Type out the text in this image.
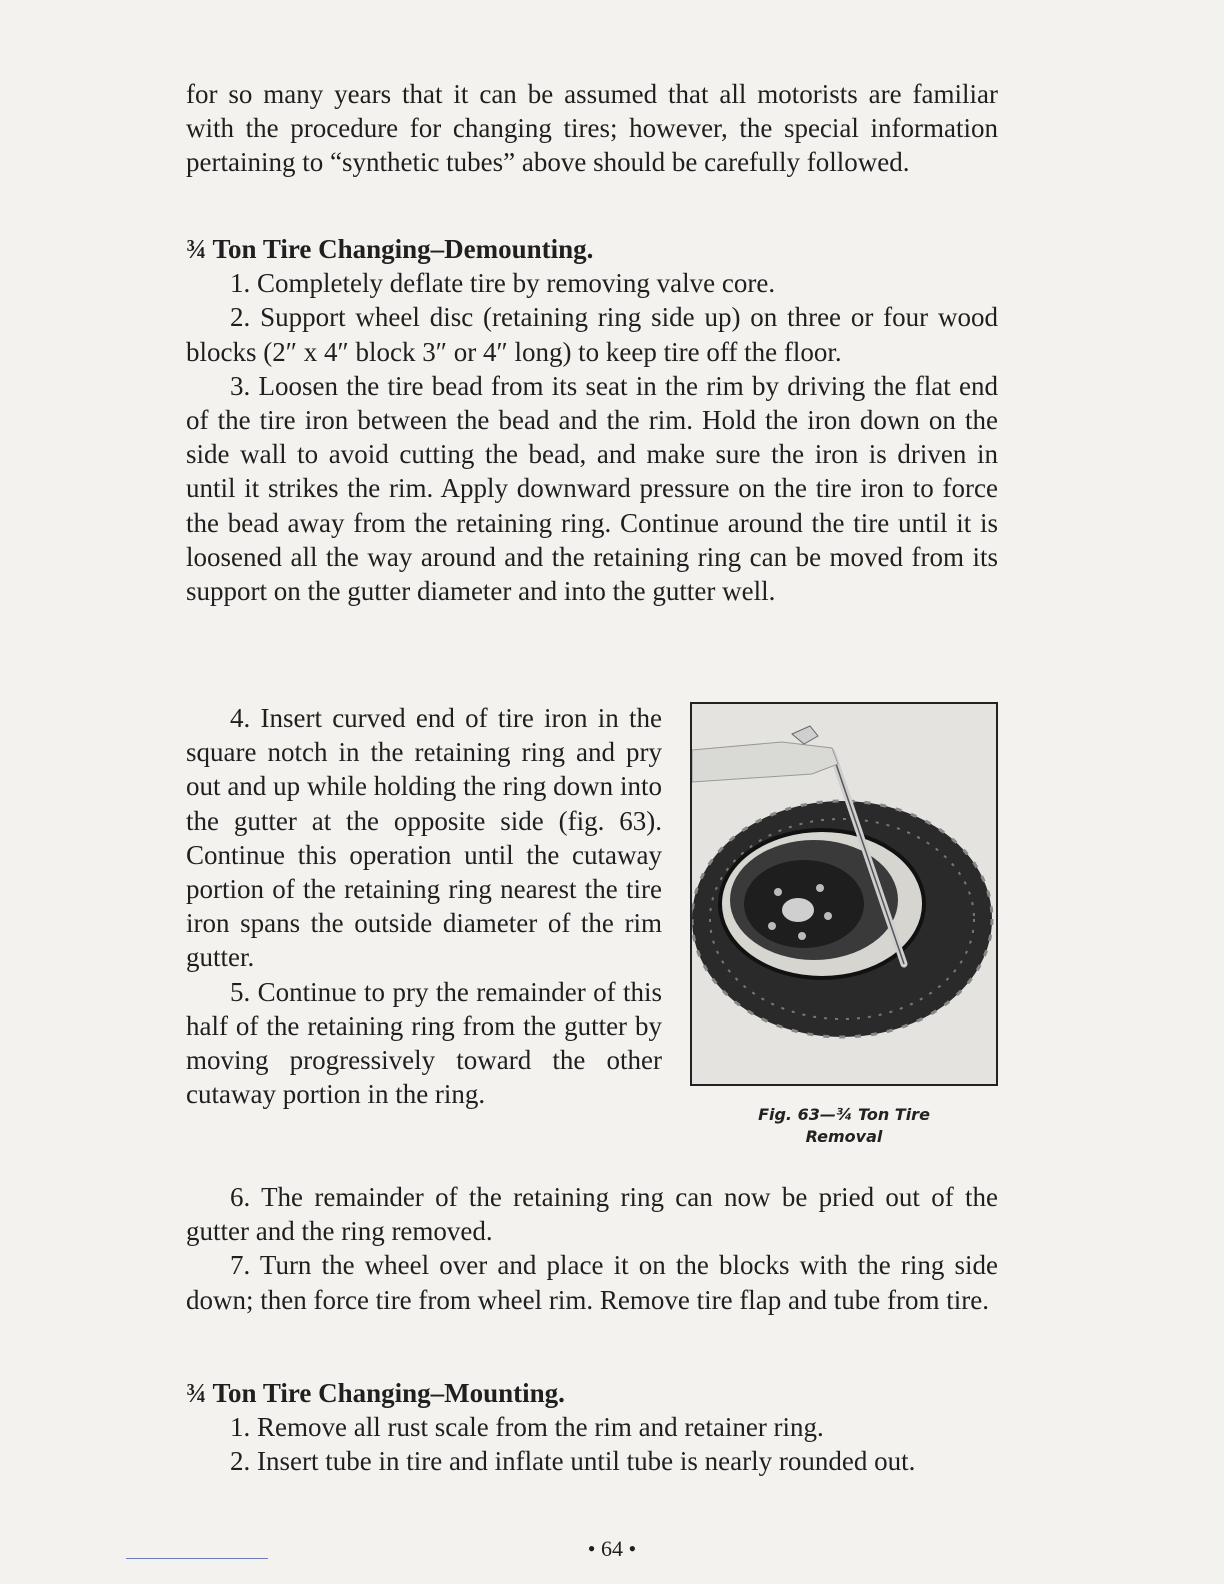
for so many years that it can be assumed that all motorists are familiar with the procedure for changing tires; however, the special information pertaining to “synthetic tubes” above should be carefully followed.

¾ Ton Tire Changing–Demounting.

1. Completely deflate tire by removing valve core.

2. Support wheel disc (retaining ring side up) on three or four wood blocks (2″ x 4″ block 3″ or 4″ long) to keep tire off the floor.

3. Loosen the tire bead from its seat in the rim by driving the flat end of the tire iron between the bead and the rim. Hold the iron down on the side wall to avoid cutting the bead, and make sure the iron is driven in until it strikes the rim. Apply downward pressure on the tire iron to force the bead away from the retaining ring. Continue around the tire until it is loosened all the way around and the retaining ring can be moved from its support on the gutter diameter and into the gutter well.

4. Insert curved end of tire iron in the square notch in the retaining ring and pry out and up while holding the ring down into the gutter at the opposite side (fig. 63). Continue this operation until the cutaway portion of the retaining ring nearest the tire iron spans the outside diameter of the rim gutter.

5. Continue to pry the remainder of this half of the retaining ring from the gutter by moving progressively toward the other cutaway portion in the ring.

Fig. 63—¾ Ton Tire
Removal

6. The remainder of the retaining ring can now be pried out of the gutter and the ring removed.

7. Turn the wheel over and place it on the blocks with the ring side down; then force tire from wheel rim. Remove tire flap and tube from tire.

¾ Ton Tire Changing–Mounting.

1. Remove all rust scale from the rim and retainer ring.

2. Insert tube in tire and inflate until tube is nearly rounded out.

• 64 •
